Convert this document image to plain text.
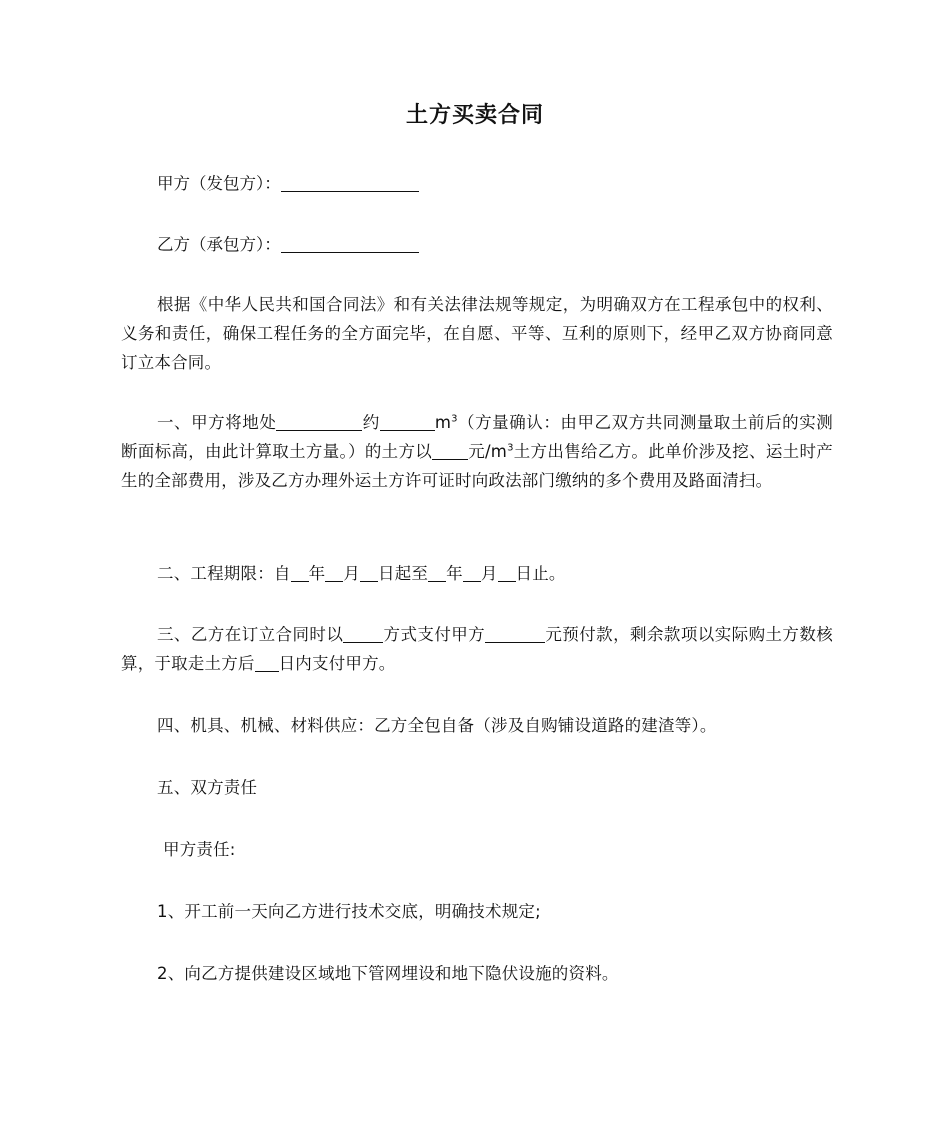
土方买卖合同
甲方（发包方）：
乙方（承包方）：

根据《中华人民共和国合同法》和有关法律法规等规定，为明确双方在工程承包中的权利、义务和责任，确保工程任务的全方面完毕，在自愿、平等、互利的原则下，经甲乙双方协商同意订立本合同。

一、甲方将地处	约	$m^3$（方量确认：由甲乙双方共同测量取土前后的实测断面标高，由此计算取土方量。）的土方以 元$/m^3$土方出售给乙方。此单价涉及挖、运土时产生的全部费用，涉及乙方办理外运土方许可证时向政法部门缴纳的多个费用及路面清扫。

二、工程期限：自 年 月 日起至 年 月 日止。

三、乙方在订立合同时以 方式支付甲方	元预付款，剩余款项以实际购土方数核算，于取走土方后 日内支付甲方。

四、机具、机械、材料供应：乙方全包自备（涉及自购铺设道路的建渣等）。

五、双方责任

甲方责任:

1、开工前一天向乙方进行技术交底，明确技术规定;

2、向乙方提供建设区域地下管网埋设和地下隐伏设施的资料。
